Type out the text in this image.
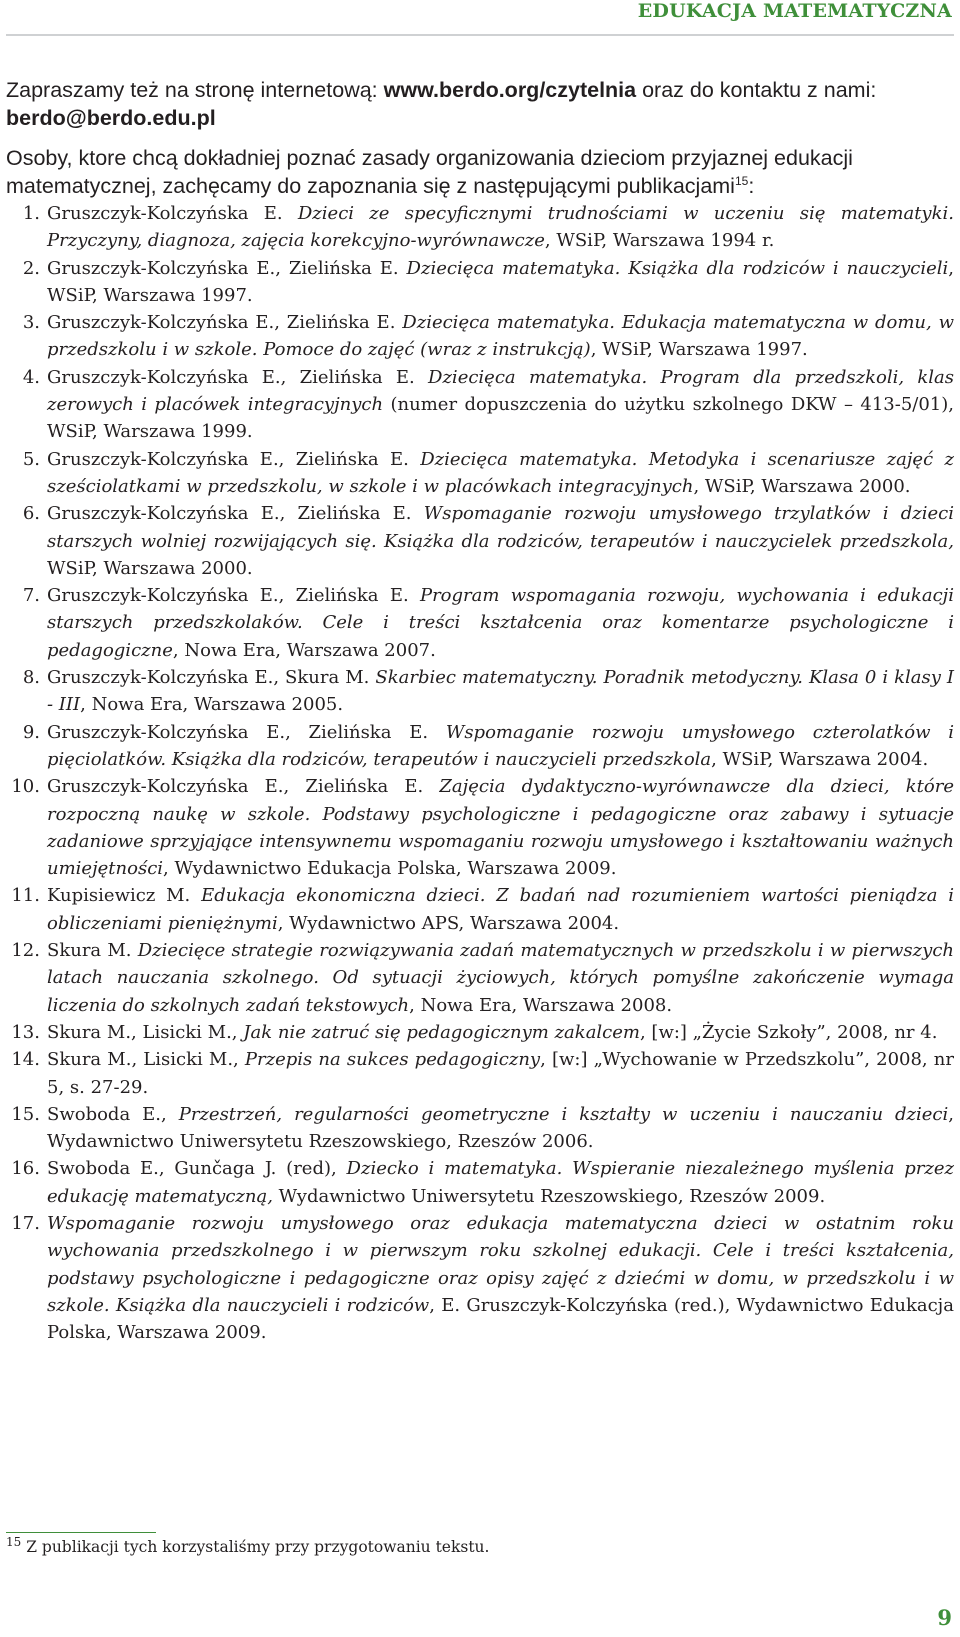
EDUKACJA MATEMATYCZNA

Zapraszamy też na stronę internetową: www.berdo.org/czytelnia oraz do kontaktu z nami: berdo@berdo.edu.pl

Osoby, ktore chcą dokładniej poznać zasady organizowania dzieciom przyjaznej edukacji matematycznej, zachęcamy do zapoznania się z następującymi publikacjami$^{15}$:

1. Gruszczyk-Kolczyńska E. Dzieci ze specyficznymi trudnościami w uczeniu się matematyki. Przyczyny, diagnoza, zajęcia korekcyjno-wyrównawcze, WSiP, Warszawa 1994 r.
2. Gruszczyk-Kolczyńska E., Zielińska E. Dziecięca matematyka. Książka dla rodziców i nauczycieli, WSiP, Warszawa 1997.
3. Gruszczyk-Kolczyńska E., Zielińska E. Dziecięca matematyka. Edukacja matematyczna w domu, w przedszkolu i w szkole. Pomoce do zajęć (wraz z instrukcją), WSiP, Warszawa 1997.
4. Gruszczyk-Kolczyńska E., Zielińska E. Dziecięca matematyka. Program dla przedszkoli, klas zerowych i placówek integracyjnych (numer dopuszczenia do użytku szkolnego DKW – 413-5/01), WSiP, Warszawa 1999.
5. Gruszczyk-Kolczyńska E., Zielińska E. Dziecięca matematyka. Metodyka i scenariusze zajęć z sześciolatkami w przedszkolu, w szkole i w placówkach integracyjnych, WSiP, Warszawa 2000.
6. Gruszczyk-Kolczyńska E., Zielińska E. Wspomaganie rozwoju umysłowego trzylatków i dzieci starszych wolniej rozwijających się. Książka dla rodziców, terapeutów i nauczycielek przedszkola, WSiP, Warszawa 2000.
7. Gruszczyk-Kolczyńska E., Zielińska E. Program wspomagania rozwoju, wychowania i edukacji starszych przedszkolaków. Cele i treści kształcenia oraz komentarze psychologiczne i pedagogiczne, Nowa Era, Warszawa 2007.
8. Gruszczyk-Kolczyńska E., Skura M. Skarbiec matematyczny. Poradnik metodyczny. Klasa 0 i klasy I - III, Nowa Era, Warszawa 2005.
9. Gruszczyk-Kolczyńska E., Zielińska E. Wspomaganie rozwoju umysłowego czterolatków i pięciolatków. Książka dla rodziców, terapeutów i nauczycieli przedszkola, WSiP, Warszawa 2004.
10. Gruszczyk-Kolczyńska E., Zielińska E. Zajęcia dydaktyczno-wyrównawcze dla dzieci, które rozpoczną naukę w szkole. Podstawy psychologiczne i pedagogiczne oraz zabawy i sytuacje zadaniowe sprzyjające intensywnemu wspomaganiu rozwoju umysłowego i kształtowaniu ważnych umiejętności, Wydawnictwo Edukacja Polska, Warszawa 2009.
11. Kupisiewicz M. Edukacja ekonomiczna dzieci. Z badań nad rozumieniem wartości pieniądza i obliczeniami pieniężnymi, Wydawnictwo APS, Warszawa 2004.
12. Skura M. Dziecięce strategie rozwiązywania zadań matematycznych w przedszkolu i w pierwszych latach nauczania szkolnego. Od sytuacji życiowych, których pomyślne zakończenie wymaga liczenia do szkolnych zadań tekstowych, Nowa Era, Warszawa 2008.
13. Skura M., Lisicki M., Jak nie zatruć się pedagogicznym zakalcem, [w:] „Życie Szkoły”, 2008, nr 4.
14. Skura M., Lisicki M., Przepis na sukces pedagogiczny, [w:] „Wychowanie w Przedszkolu”, 2008, nr 5, s. 27-29.
15. Swoboda E., Przestrzeń, regularności geometryczne i kształty w uczeniu i nauczaniu dzieci, Wydawnictwo Uniwersytetu Rzeszowskiego, Rzeszów 2006.
16. Swoboda E., Gunčaga J. (red), Dziecko i matematyka. Wspieranie niezależnego myślenia przez edukację matematyczną, Wydawnictwo Uniwersytetu Rzeszowskiego, Rzeszów 2009.
17. Wspomaganie rozwoju umysłowego oraz edukacja matematyczna dzieci w ostatnim roku wychowania przedszkolnego i w pierwszym roku szkolnej edukacji. Cele i treści kształcenia, podstawy psychologiczne i pedagogiczne oraz opisy zajęć z dziećmi w domu, w przedszkolu i w szkole. Książka dla nauczycieli i rodziców, E. Gruszczyk-Kolczyńska (red.), Wydawnictwo Edukacja Polska, Warszawa 2009.
$^{15}$ Z publikacji tych korzystaliśmy przy przygotowaniu tekstu.
9
